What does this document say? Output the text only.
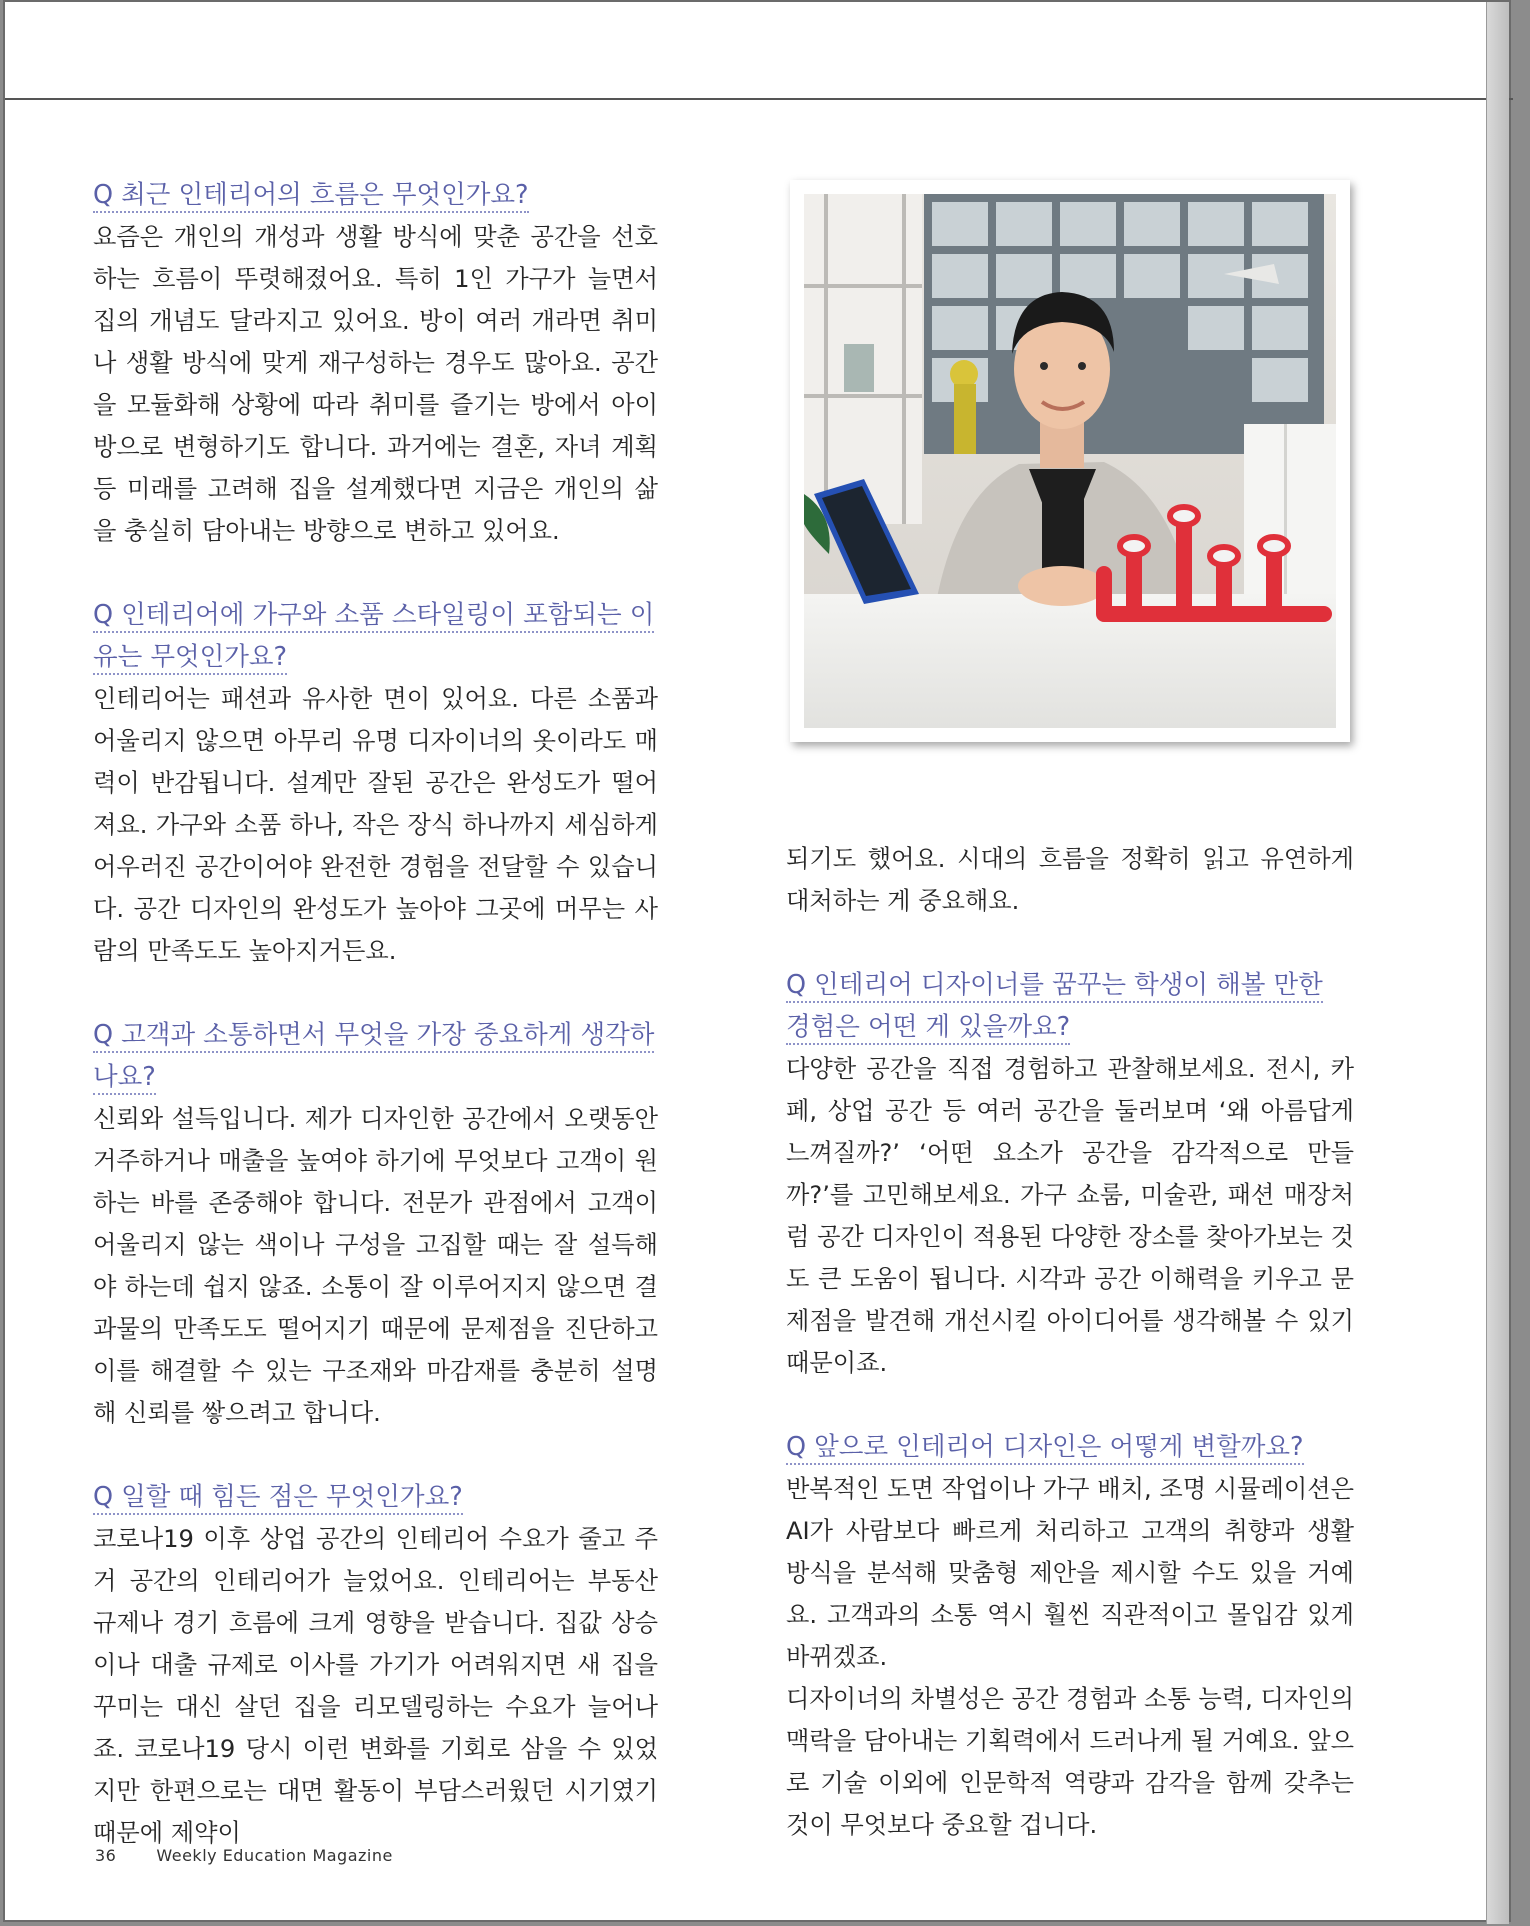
Q 최근 인테리어의 흐름은 무엇인가요?

요즘은 개인의 개성과 생활 방식에 맞춘 공간을 선호하는 흐름이 뚜렷해졌어요. 특히 1인 가구가 늘면서 집의 개념도 달라지고 있어요. 방이 여러 개라면 취미나 생활 방식에 맞게 재구성하는 경우도 많아요. 공간을 모듈화해 상황에 따라 취미를 즐기는 방에서 아이 방으로 변형하기도 합니다. 과거에는 결혼, 자녀 계획 등 미래를 고려해 집을 설계했다면 지금은 개인의 삶을 충실히 담아내는 방향으로 변하고 있어요.

Q 인테리어에 가구와 소품 스타일링이 포함되는 이유는 무엇인가요?

인테리어는 패션과 유사한 면이 있어요. 다른 소품과 어울리지 않으면 아무리 유명 디자이너의 옷이라도 매력이 반감됩니다. 설계만 잘된 공간은 완성도가 떨어져요. 가구와 소품 하나, 작은 장식 하나까지 세심하게 어우러진 공간이어야 완전한 경험을 전달할 수 있습니다. 공간 디자인의 완성도가 높아야 그곳에 머무는 사람의 만족도도 높아지거든요.

Q 고객과 소통하면서 무엇을 가장 중요하게 생각하나요?

신뢰와 설득입니다. 제가 디자인한 공간에서 오랫동안 거주하거나 매출을 높여야 하기에 무엇보다 고객이 원하는 바를 존중해야 합니다. 전문가 관점에서 고객이 어울리지 않는 색이나 구성을 고집할 때는 잘 설득해야 하는데 쉽지 않죠. 소통이 잘 이루어지지 않으면 결과물의 만족도도 떨어지기 때문에 문제점을 진단하고 이를 해결할 수 있는 구조재와 마감재를 충분히 설명해 신뢰를 쌓으려고 합니다.

Q 일할 때 힘든 점은 무엇인가요?

코로나19 이후 상업 공간의 인테리어 수요가 줄고 주거 공간의 인테리어가 늘었어요. 인테리어는 부동산 규제나 경기 흐름에 크게 영향을 받습니다. 집값 상승이나 대출 규제로 이사를 가기가 어려워지면 새 집을 꾸미는 대신 살던 집을 리모델링하는 수요가 늘어나죠. 코로나19 당시 이런 변화를 기회로 삼을 수 있었지만 한편으로는 대면 활동이 부담스러웠던 시기였기 때문에 제약이

되기도 했어요. 시대의 흐름을 정확히 읽고 유연하게 대처하는 게 중요해요.

Q 인테리어 디자이너를 꿈꾸는 학생이 해볼 만한 경험은 어떤 게 있을까요?

다양한 공간을 직접 경험하고 관찰해보세요. 전시, 카페, 상업 공간 등 여러 공간을 둘러보며 ‘왜 아름답게 느껴질까?’ ‘어떤 요소가 공간을 감각적으로 만들까?’를 고민해보세요. 가구 쇼룸, 미술관, 패션 매장처럼 공간 디자인이 적용된 다양한 장소를 찾아가보는 것도 큰 도움이 됩니다. 시각과 공간 이해력을 키우고 문제점을 발견해 개선시킬 아이디어를 생각해볼 수 있기 때문이죠.

Q 앞으로 인테리어 디자인은 어떻게 변할까요?

반복적인 도면 작업이나 가구 배치, 조명 시뮬레이션은 AI가 사람보다 빠르게 처리하고 고객의 취향과 생활 방식을 분석해 맞춤형 제안을 제시할 수도 있을 거예요. 고객과의 소통 역시 훨씬 직관적이고 몰입감 있게 바뀌겠죠.
디자이너의 차별성은 공간 경험과 소통 능력, 디자인의 맥락을 담아내는 기획력에서 드러나게 될 거예요. 앞으로 기술 이외에 인문학적 역량과 감각을 함께 갖추는 것이 무엇보다 중요할 겁니다.

36	Weekly Education Magazine
